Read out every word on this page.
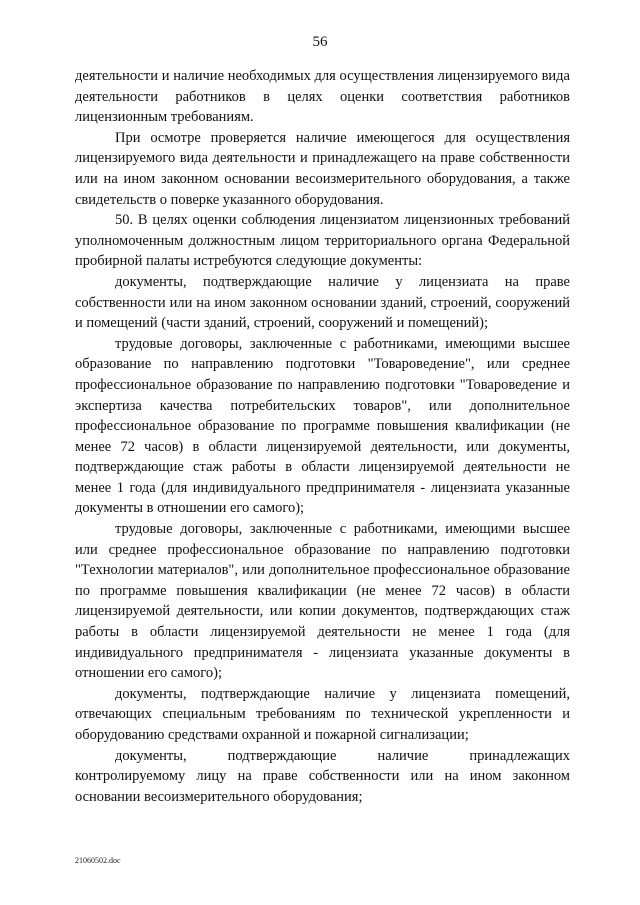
56

деятельности и наличие необходимых для осуществления лицензируемого вида деятельности работников в целях оценки соответствия работников лицензионным требованиям.

При осмотре проверяется наличие имеющегося для осуществления лицензируемого вида деятельности и принадлежащего на праве собственности или на ином законном основании весоизмерительного оборудования, а также свидетельств о поверке указанного оборудования.

50. В целях оценки соблюдения лицензиатом лицензионных требований уполномоченным должностным лицом территориального органа Федеральной пробирной палаты истребуются следующие документы:

документы, подтверждающие наличие у лицензиата на праве собственности или на ином законном основании зданий, строений, сооружений и помещений (части зданий, строений, сооружений и помещений);

трудовые договоры, заключенные с работниками, имеющими высшее образование по направлению подготовки "Товароведение", или среднее профессиональное образование по направлению подготовки "Товароведение и экспертиза качества потребительских товаров", или дополнительное профессиональное образование по программе повышения квалификации (не менее 72 часов) в области лицензируемой деятельности, или документы, подтверждающие стаж работы в области лицензируемой деятельности не менее 1 года (для индивидуального предпринимателя - лицензиата указанные документы в отношении его самого);

трудовые договоры, заключенные с работниками, имеющими высшее или среднее профессиональное образование по направлению подготовки "Технологии материалов", или дополнительное профессиональное образование по программе повышения квалификации (не менее 72 часов) в области лицензируемой деятельности, или копии документов, подтверждающих стаж работы в области лицензируемой деятельности не менее 1 года (для индивидуального предпринимателя - лицензиата указанные документы в отношении его самого);

документы, подтверждающие наличие у лицензиата помещений, отвечающих специальным требованиям по технической укрепленности и оборудованию средствами охранной и пожарной сигнализации;

документы, подтверждающие наличие принадлежащих контролируемому лицу на праве собственности или на ином законном основании весоизмерительного оборудования;

21060502.doc
